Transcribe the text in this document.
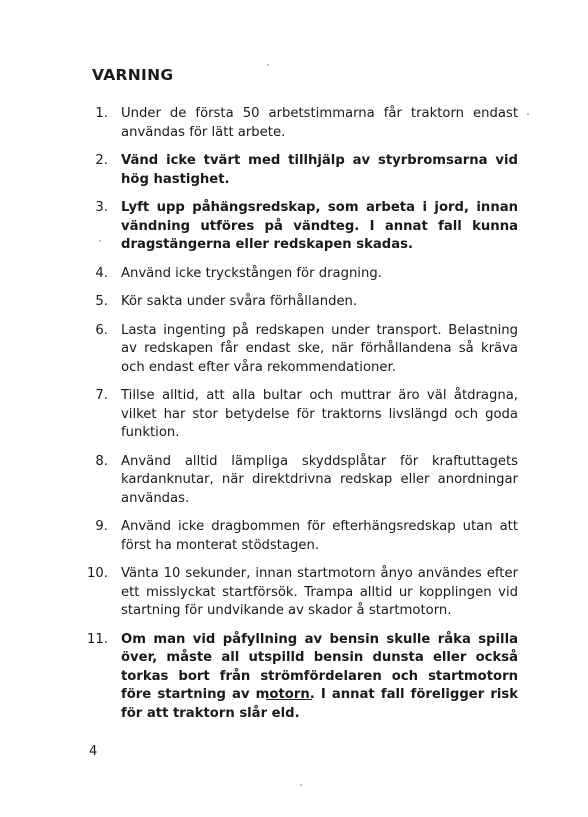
VARNING
1. Under de första 50 arbetstimmarna får traktorn endast användas för lätt arbete.
2. Vänd icke tvärt med tillhjälp av styrbromsarna vid hög hastighet.
3. Lyft upp påhängsredskap, som arbeta i jord, innan vändning utföres på vändteg. I annat fall kunna dragstängerna eller redskapen skadas.
4. Använd icke tryckstången för dragning.
5. Kör sakta under svåra förhållanden.
6. Lasta ingenting på redskapen under transport. Belastning av redskapen får endast ske, när förhållandena så kräva och endast efter våra rekommendationer.
7. Tillse alltid, att alla bultar och muttrar äro väl åtdragna, vilket har stor betydelse för traktorns livslängd och goda funktion.
8. Använd alltid lämpliga skyddsplåtar för kraftuttagets kardanknutar, när direktdrivna redskap eller anordningar användas.
9. Använd icke dragbommen för efterhängsredskap utan att först ha monterat stödstagen.
10. Vänta 10 sekunder, innan startmotorn ånyo användes efter ett misslyckat startförsök. Trampa alltid ur kopplingen vid startning för undvikande av skador å startmotorn.
11. Om man vid påfyllning av bensin skulle råka spilla över, måste all utspilld bensin dunsta eller också torkas bort från strömfördelaren och startmotorn före startning av motorn. I annat fall föreligger risk för att traktorn slår eld.
4
